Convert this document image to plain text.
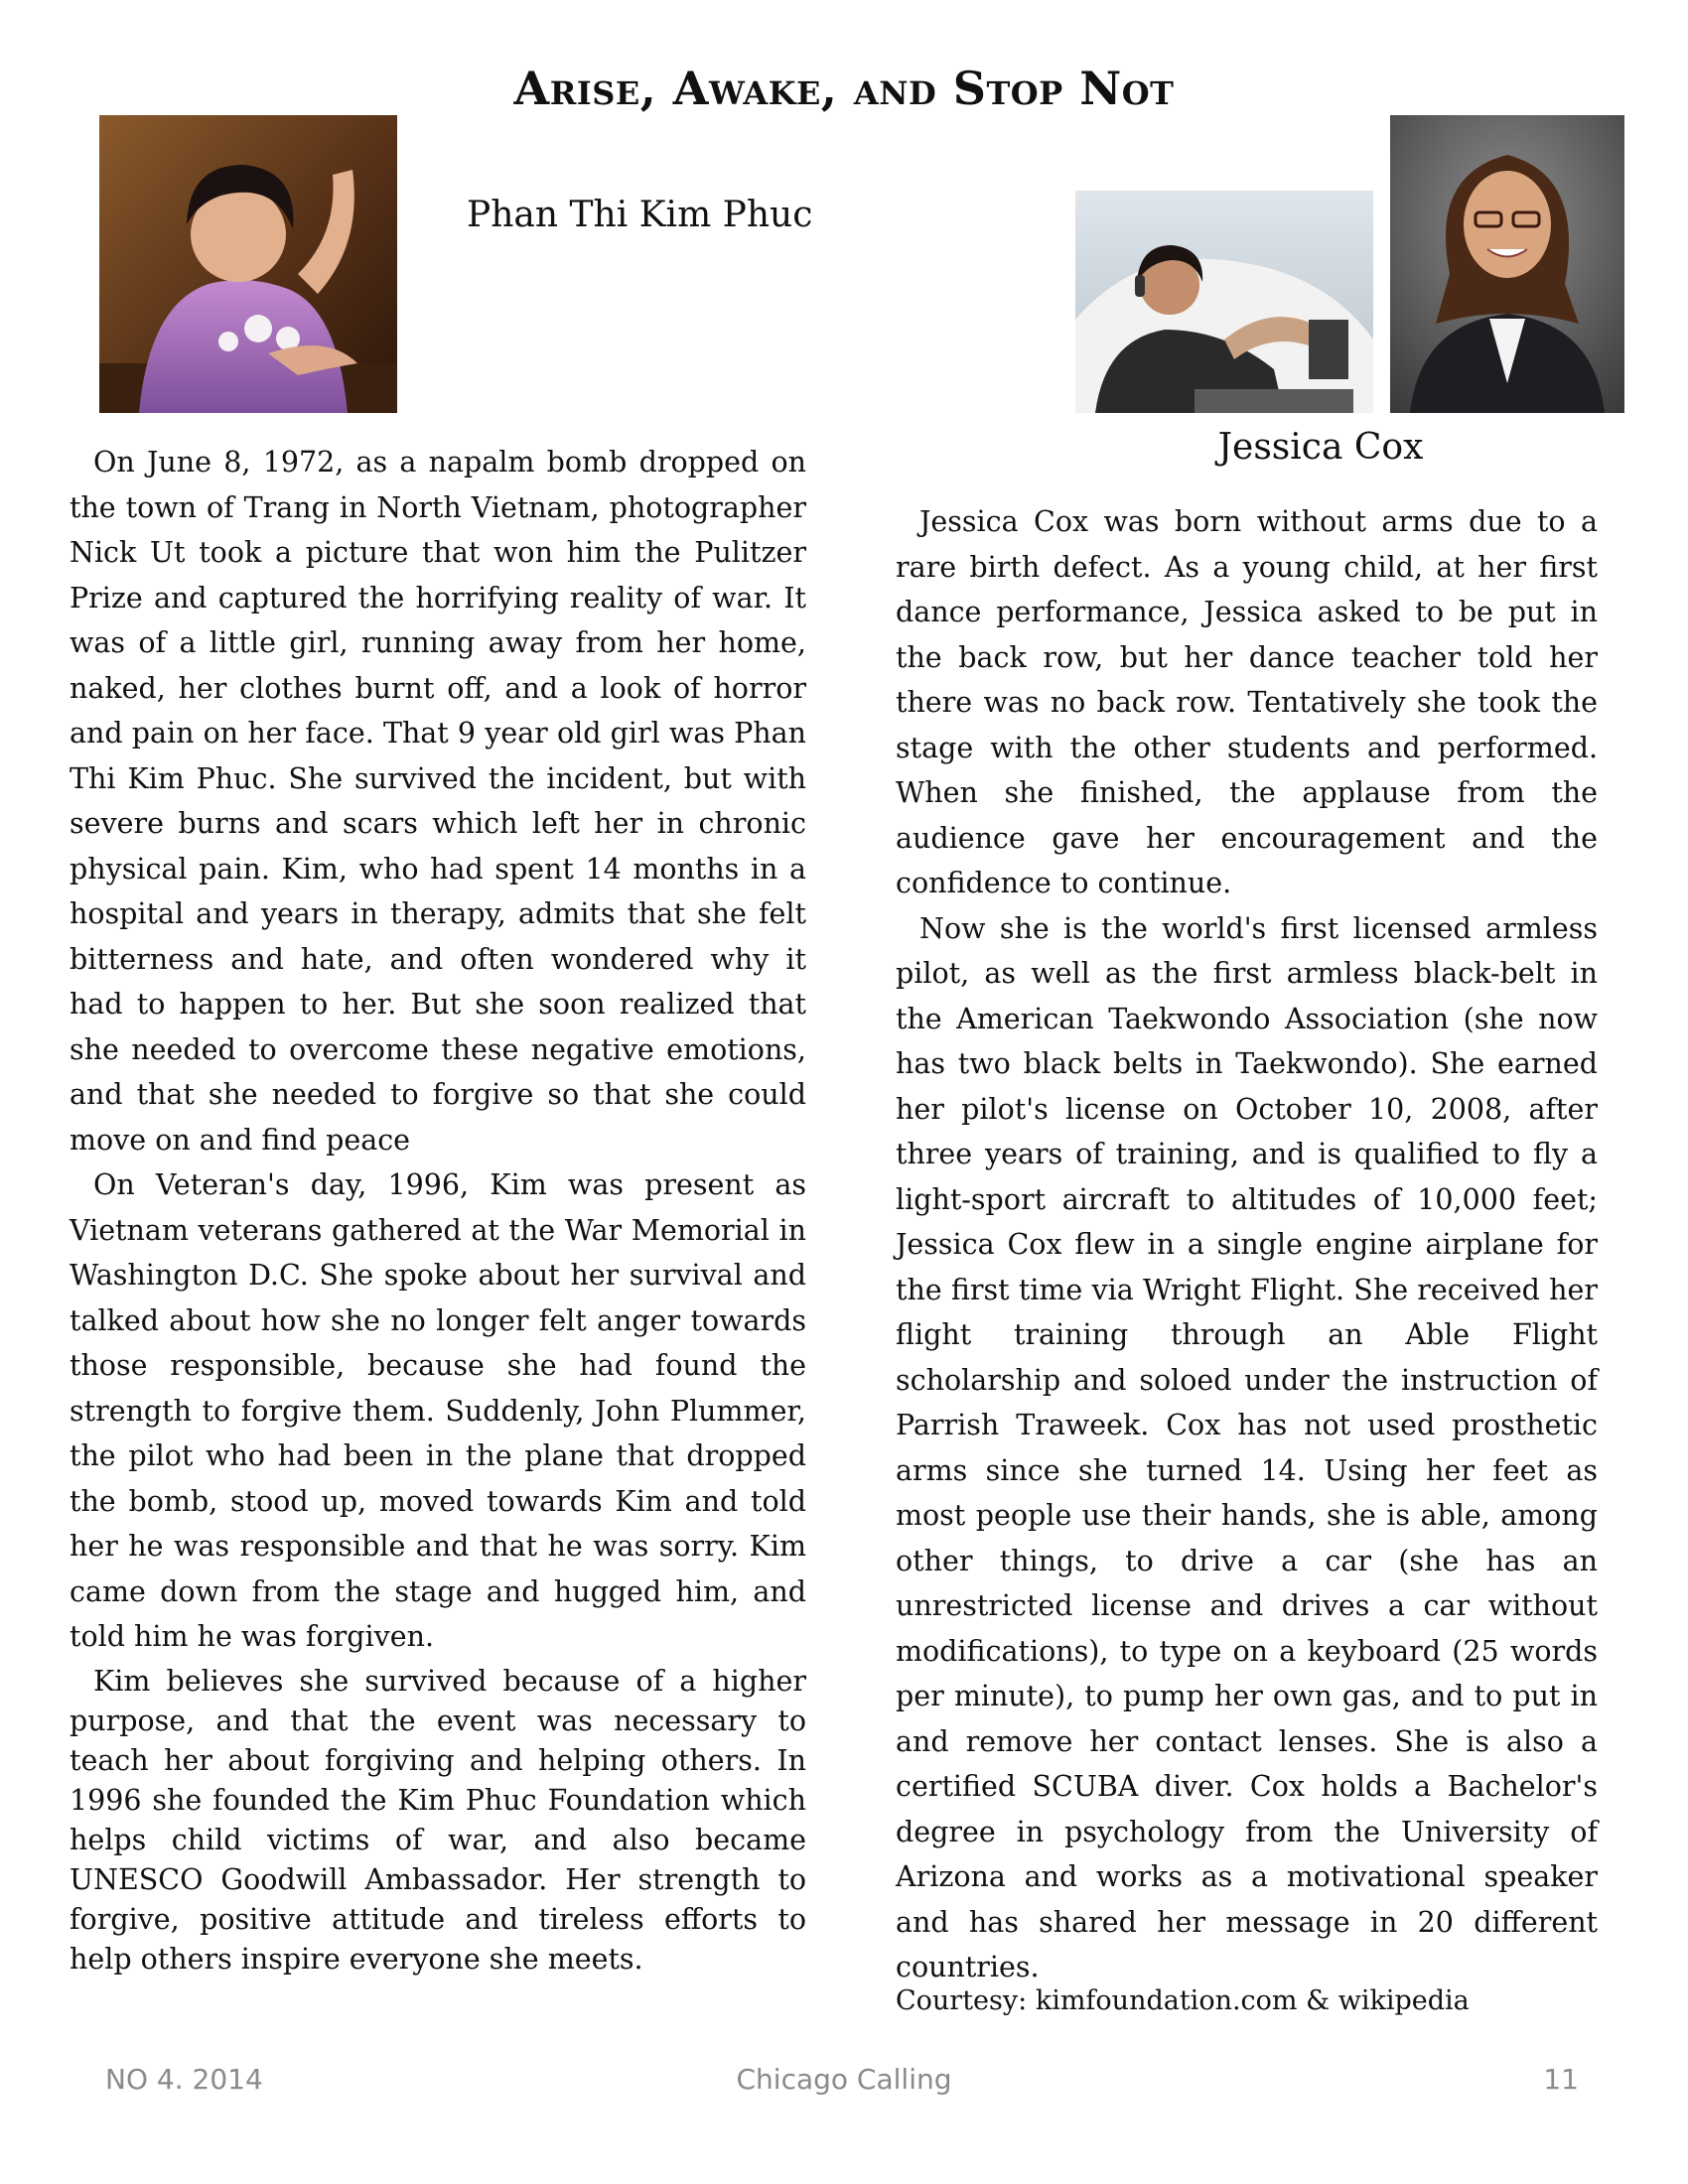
Arise, Awake, and Stop Not
Phan Thi Kim Phuc
Jessica Cox

On June 8, 1972, as a napalm bomb dropped on the town of Trang in North Vietnam, photographer Nick Ut took a picture that won him the Pulitzer Prize and captured the horrifying reality of war. It was of a little girl, running away from her home, naked, her clothes burnt off, and a look of horror and pain on her face. That 9 year old girl was Phan Thi Kim Phuc. She survived the incident, but with severe burns and scars which left her in chronic physical pain. Kim, who had spent 14 months in a hospital and years in therapy, admits that she felt bitterness and hate, and often wondered why it had to happen to her. But she soon realized that she needed to overcome these negative emotions, and that she needed to forgive so that she could move on and find peace

On Veteran's day, 1996, Kim was present as Vietnam veterans gathered at the War Memorial in Washington D.C. She spoke about her survival and talked about how she no longer felt anger towards those responsible, because she had found the strength to forgive them. Suddenly, John Plummer, the pilot who had been in the plane that dropped the bomb, stood up, moved towards Kim and told her he was responsible and that he was sorry. Kim came down from the stage and hugged him, and told him he was forgiven.

Kim believes she survived because of a higher purpose, and that the event was necessary to teach her about forgiving and helping others. In 1996 she founded the Kim Phuc Foundation which helps child victims of war, and also became UNESCO Goodwill Ambassador. Her strength to forgive, positive attitude and tireless efforts to help others inspire everyone she meets.

Jessica Cox was born without arms due to a rare birth defect. As a young child, at her first dance performance, Jessica asked to be put in the back row, but her dance teacher told her there was no back row. Tentatively she took the stage with the other students and performed. When she finished, the applause from the audience gave her encouragement and the confidence to continue.

Now she is the world's first licensed armless pilot, as well as the first armless black-belt in the American Taekwondo Association (she now has two black belts in Taekwondo). She earned her pilot's license on October 10, 2008, after three years of training, and is qualified to fly a light-sport aircraft to altitudes of 10,000 feet; Jessica Cox flew in a single engine airplane for the first time via Wright Flight. She received her flight training through an Able Flight scholarship and soloed under the instruction of Parrish Traweek. Cox has not used prosthetic arms since she turned 14. Using her feet as most people use their hands, she is able, among other things, to drive a car (she has an unrestricted license and drives a car without modifications), to type on a keyboard (25 words per minute), to pump her own gas, and to put in and remove her contact lenses. She is also a certified SCUBA diver. Cox holds a Bachelor's degree in psychology from the University of Arizona and works as a motivational speaker and has shared her message in 20 different countries.

Courtesy: kimfoundation.com & wikipedia
NO 4. 2014	Chicago Calling	11
